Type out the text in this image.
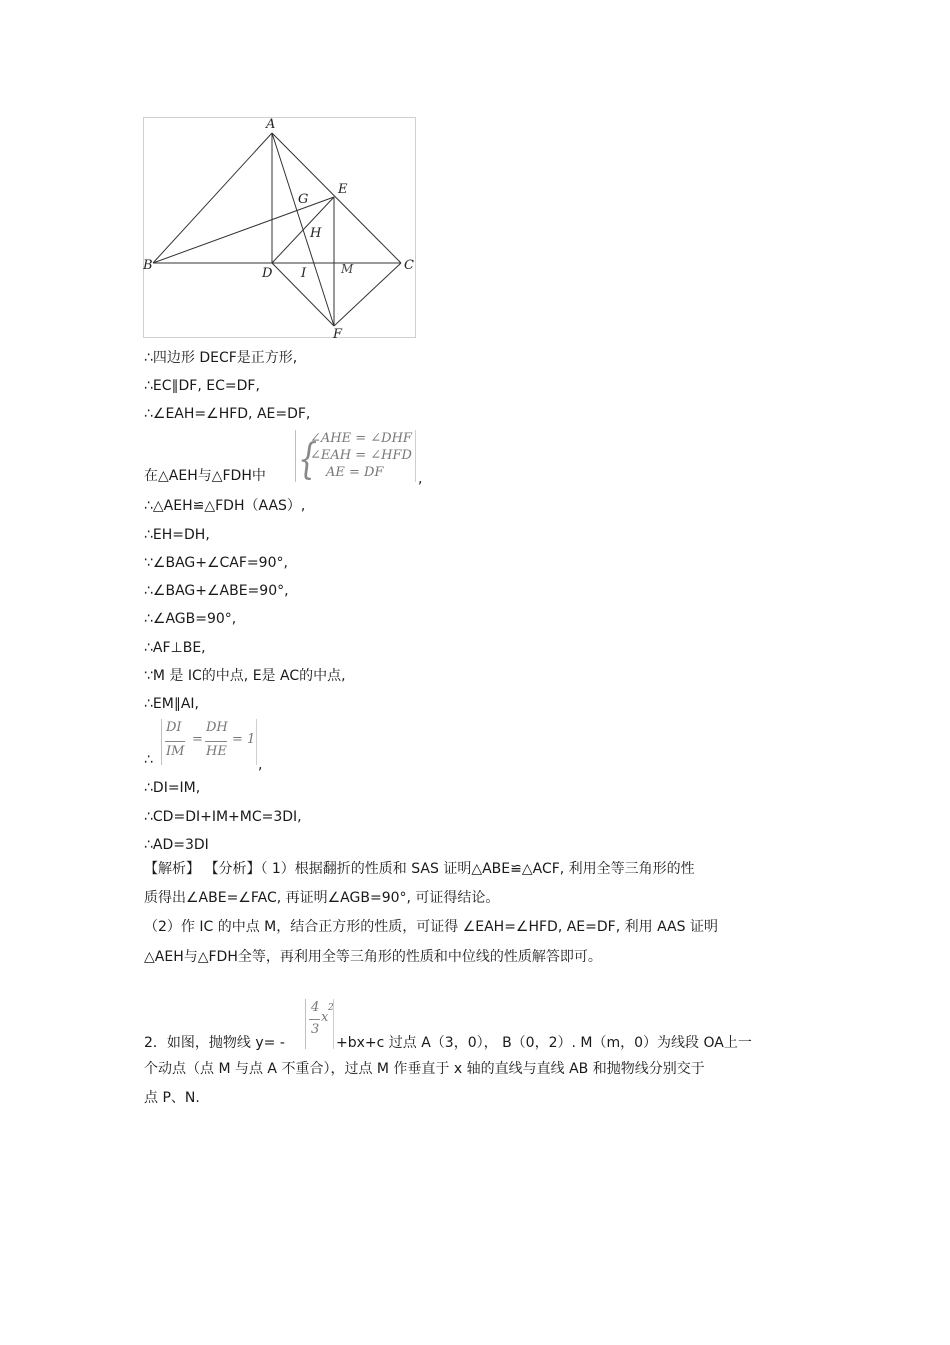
A
B	C
D
E
F
G
H
I	M
∴四边形 DECF是正方形,
∴EC∥DF, EC=DF,
∴∠EAH=∠HFD, AE=DF,
在△AEH与△FDH中 {
∠AHE = ∠DHF
∠EAH = ∠HFD
AE = DF ,
∴△AEH≌△FDH（AAS）,
∴EH=DH,
∵∠BAG+∠CAF=90°,
∴∠BAG+∠ABE=90°,
∴∠AGB=90°,
∴AF⊥BE,
∵M 是 IC的中点, E是 AC的中点,
∴EM∥AI,
∴
DI
IM
=
DH
HE
= 1
,
∴DI=IM,
∴CD=DI+IM+MC=3DI,
∴AD=3DI
【解析】 【分析】（ 1）根据翻折的性质和 SAS 证明△ABE≌△ACF, 利用全等三角形的性
质得出∠ABE=∠FAC, 再证明∠AGB=90°, 可证得结论。
（2）作 IC 的中点 M，结合正方形的性质，可证得 ∠EAH=∠HFD, AE=DF, 利用 AAS 证明
△AEH与△FDH全等，再利用全等三角形的性质和中位线的性质解答即可。
2．如图，抛物线 y= -
4
3
x
2
+bx+c 过点 A（3，0）， B（0，2）. M（m，0）为线段 OA上一
个动点（点 M 与点 A 不重合），过点 M 作垂直于 x 轴的直线与直线 AB 和抛物线分别交于
点 P、N.
